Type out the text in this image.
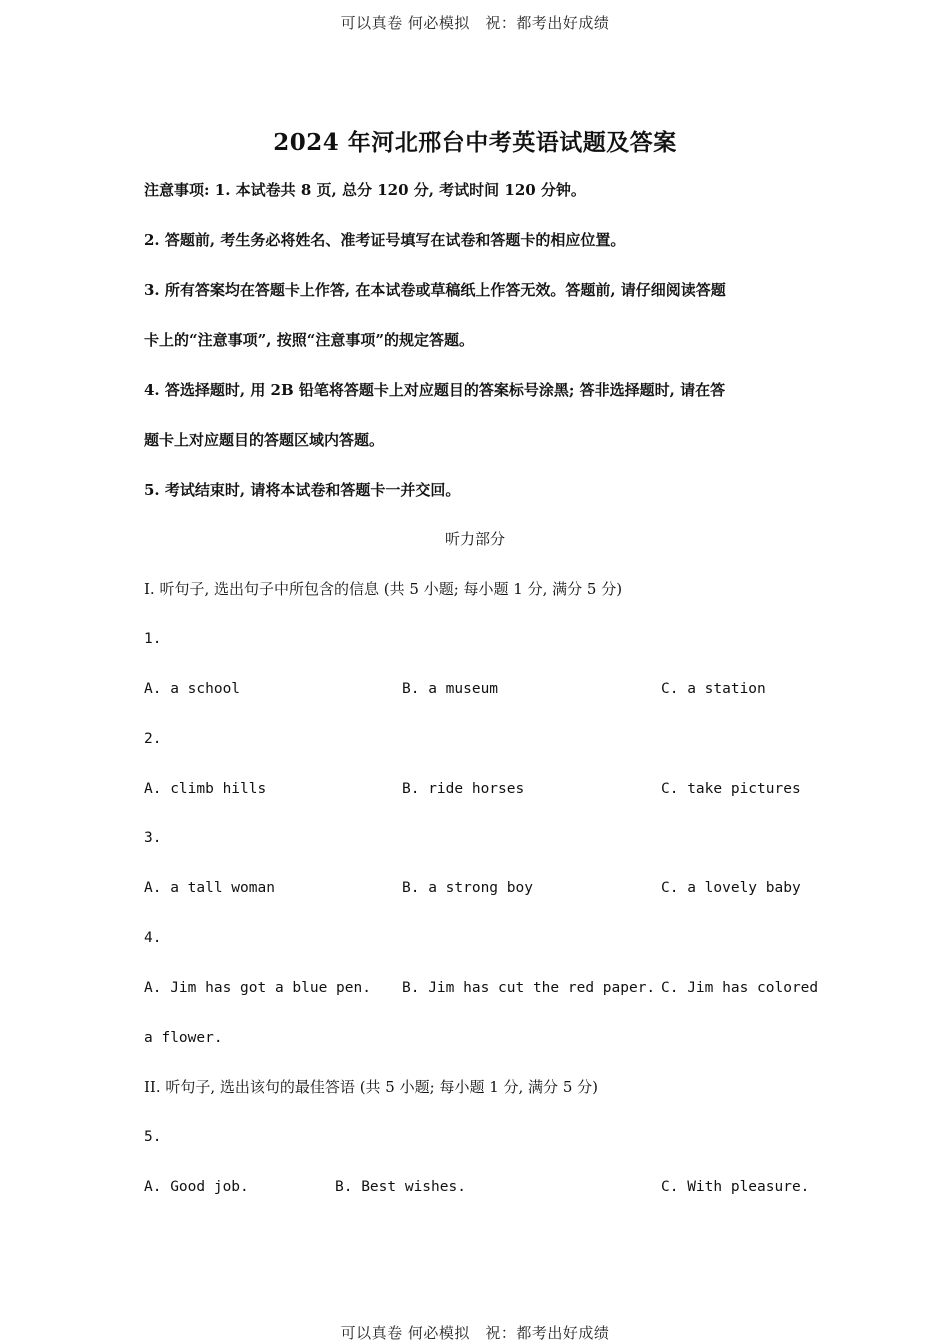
可以真卷 何必模拟　祝：都考出好成绩
2024 年河北邢台中考英语试题及答案
注意事项: 1. 本试卷共 8 页, 总分 120 分, 考试时间 120 分钟。
2. 答题前, 考生务必将姓名、准考证号填写在试卷和答题卡的相应位置。
3. 所有答案均在答题卡上作答, 在本试卷或草稿纸上作答无效。答题前, 请仔细阅读答题
卡上的“注意事项”, 按照“注意事项”的规定答题。
4. 答选择题时, 用 2B 铅笔将答题卡上对应题目的答案标号涂黑; 答非选择题时, 请在答
题卡上对应题目的答题区域内答题。
5. 考试结束时, 请将本试卷和答题卡一并交回。
听力部分
I. 听句子, 选出句子中所包含的信息 (共 5 小题; 每小题 1 分, 满分 5 分)
1.
A. a school	B. a museum	C. a station
2.
A. climb hills	B. ride horses	C. take pictures
3.
A. a tall woman	B. a strong boy	C. a lovely baby
4.
A. Jim has got a blue pen. B. Jim has cut the red paper. C. Jim has colored
a flower.
II. 听句子, 选出该句的最佳答语 (共 5 小题; 每小题 1 分, 满分 5 分)
5.
A. Good job.	B. Best wishes.	C. With pleasure.
可以真卷 何必模拟　祝：都考出好成绩
